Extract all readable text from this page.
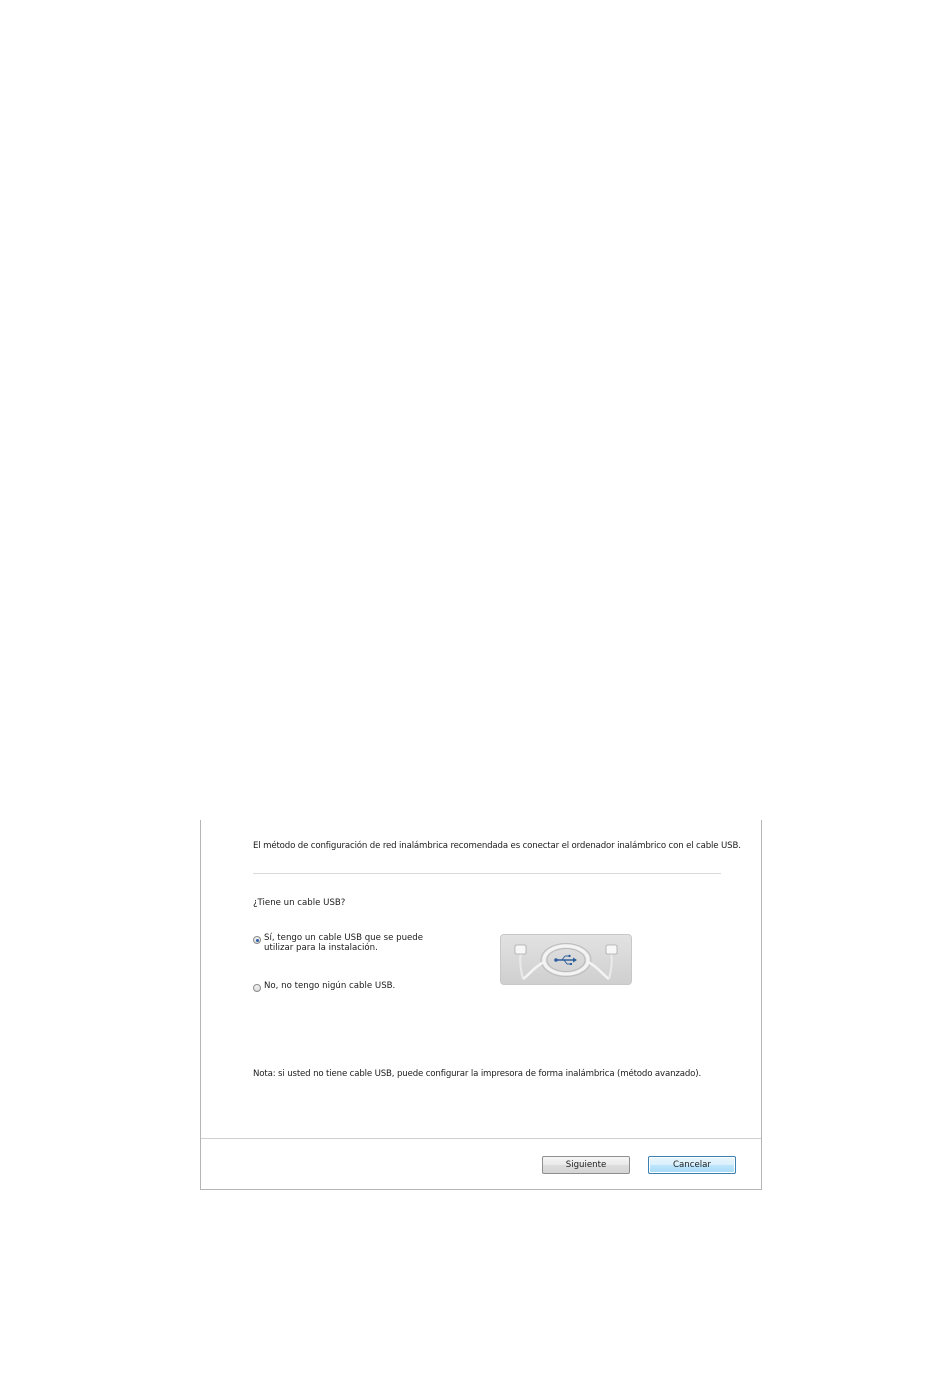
El método de configuración de red inalámbrica recomendada es conectar el ordenador inalámbrico con el cable USB.
¿Tiene un cable USB?
Sí, tengo un cable USB que se puede utilizar para la instalación.
No, no tengo nigún cable USB.
Nota: si usted no tiene cable USB, puede configurar la impresora de forma inalámbrica (método avanzado).
Siguiente	Cancelar
